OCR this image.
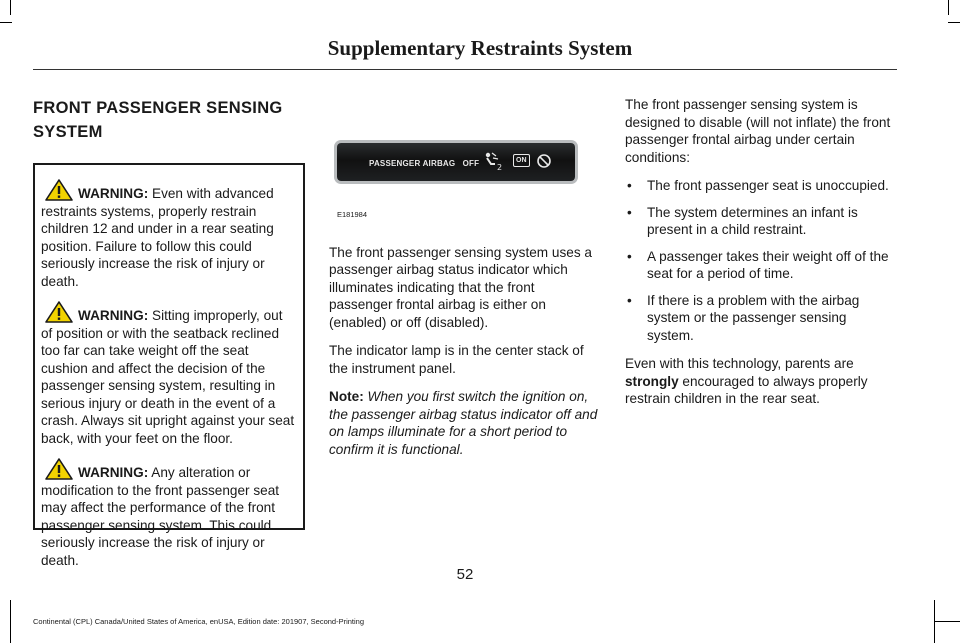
Supplementary Restraints System
FRONT PASSENGER SENSING
SYSTEM

WARNING: Even with advanced restraints systems, properly restrain children 12 and under in a rear seating position. Failure to follow this could seriously increase the risk of injury or death.

WARNING: Sitting improperly, out of position or with the seatback reclined too far can take weight off the seat cushion and affect the decision of the passenger sensing system, resulting in serious injury or death in the event of a crash. Always sit upright against your seat back, with your feet on the floor.

WARNING: Any alteration or modification to the front passenger seat may affect the performance of the front passenger sensing system. This could seriously increase the risk of injury or death.

PASSENGER AIRBAG OFF 2
ON
E181984

The front passenger sensing system uses a passenger airbag status indicator which illuminates indicating that the front passenger frontal airbag is either on (enabled) or off (disabled).

The indicator lamp is in the center stack of the instrument panel.

Note: When you first switch the ignition on, the passenger airbag status indicator off and on lamps illuminate for a short period to confirm it is functional.

The front passenger sensing system is designed to disable (will not inflate) the front passenger frontal airbag under certain conditions:

• The front passenger seat is unoccupied.
• The system determines an infant is present in a child restraint.
• A passenger takes their weight off of the seat for a period of time.
• If there is a problem with the airbag system or the passenger sensing system.

Even with this technology, parents are strongly encouraged to always properly restrain children in the rear seat.

52
Continental (CPL) Canada/United States of America, enUSA, Edition date: 201907, Second-Printing
